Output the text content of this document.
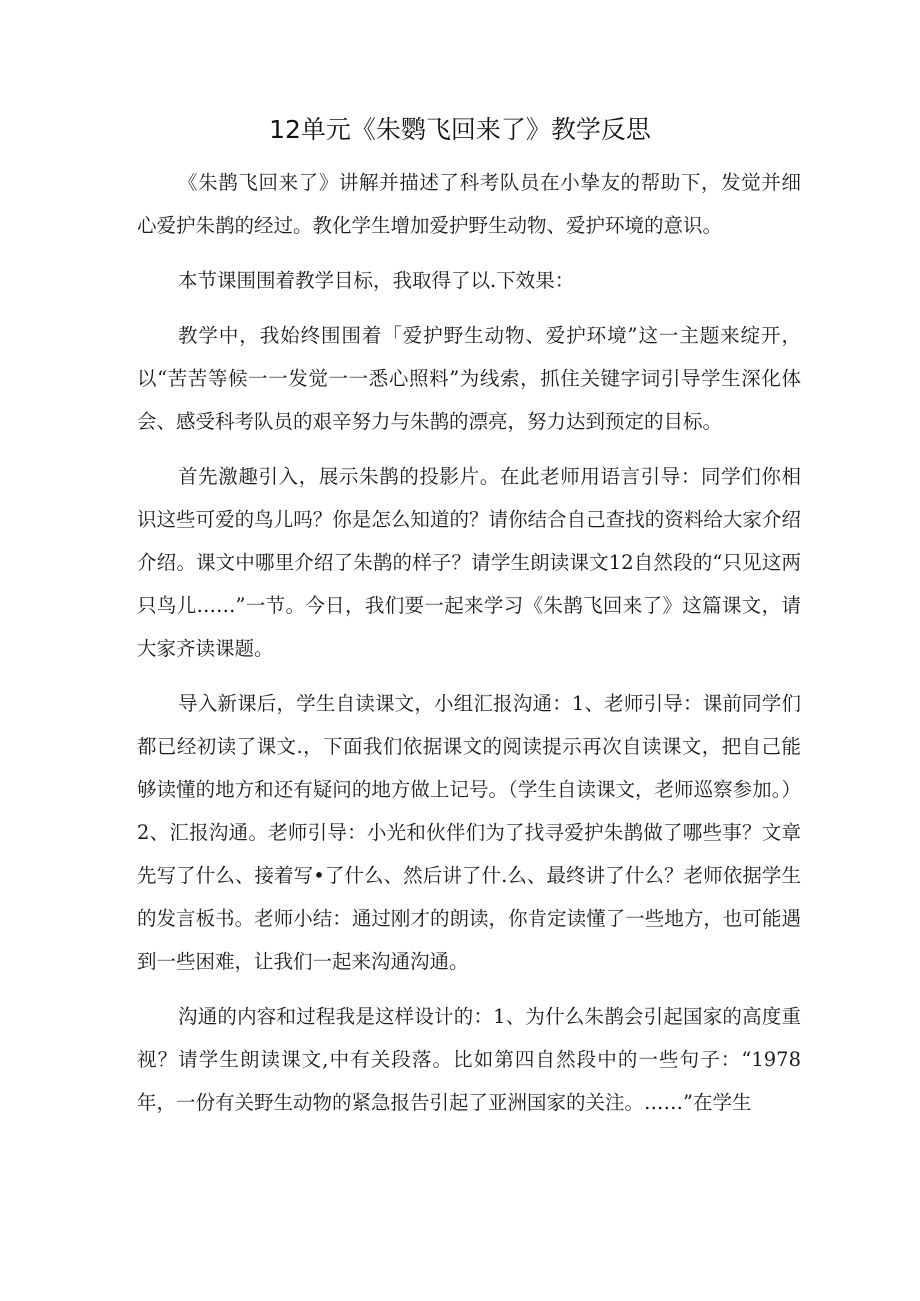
12单元《朱鹦飞回来了》教学反思

《朱鹊飞回来了》讲解并描述了科考队员在小挚友的帮助下，发觉并细心爱护朱鹊的经过。教化学生增加爱护野生动物、爱护环境的意识。

本节课围围着教学目标，我取得了以.下效果：

教学中，我始终围围着「爱护野生动物、爱护环境”这一主题来绽开，以“苦苦等候一一发觉一一悉心照料”为线索，抓住关键字词引导学生深化体会、感受科考队员的艰辛努力与朱鹊的漂亮，努力达到预定的目标。

首先激趣引入，展示朱鹊的投影片。在此老师用语言引导：同学们你相识这些可爱的鸟儿吗？你是怎么知道的？请你结合自己查找的资料给大家介绍介绍。课文中哪里介绍了朱鹊的样子？请学生朗读课文12自然段的“只见这两只鸟儿……”一节。今日，我们要一起来学习《朱鹊飞回来了》这篇课文，请大家齐读课题。

导入新课后，学生自读课文，小组汇报沟通：1、老师引导：课前同学们都已经初读了课文.，下面我们依据课文的阅读提示再次自读课文，把自己能够读懂的地方和还有疑问的地方做上记号。（学生自读课文，老师巡察参加。）2、汇报沟通。老师引导：小光和伙伴们为了找寻爱护朱鹊做了哪些事？文章先写了什么、接着写•了什么、然后讲了什.么、最终讲了什么？老师依据学生的发言板书。老师小结：通过刚才的朗读，你肯定读懂了一些地方，也可能遇到一些困难，让我们一起来沟通沟通。

沟通的内容和过程我是这样设计的：1、为什么朱鹊会引起国家的高度重视？请学生朗读课文,中有关段落。比如第四自然段中的一些句子：“1978年，一份有关野生动物的紧急报告引起了亚洲国家的关注。……”在学生
